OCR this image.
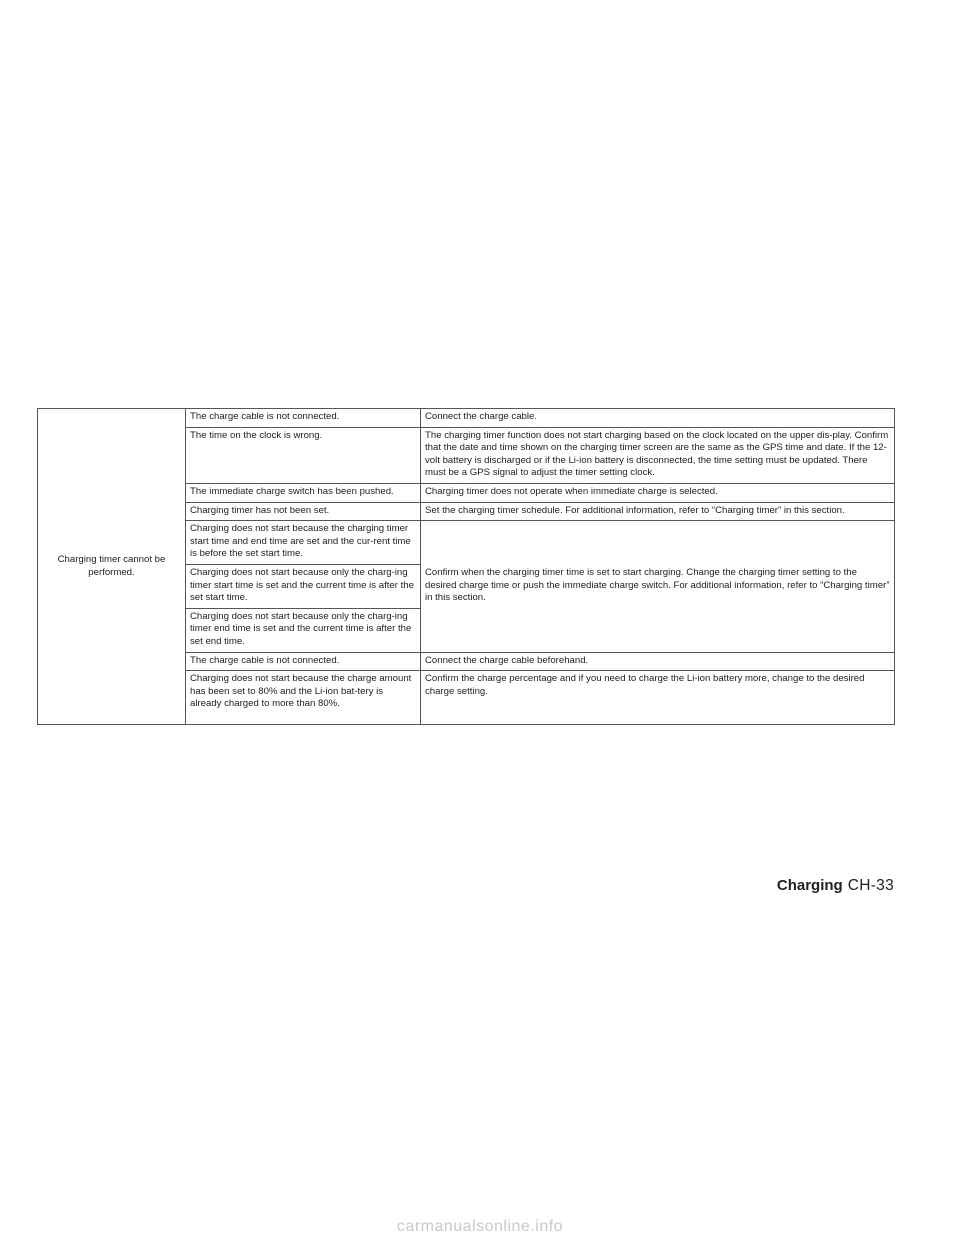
Charging timer cannot be performed.	The charge cable is not connected.	Connect the charge cable.
	The time on the clock is wrong.	The charging timer function does not start charging based on the clock located on the upper dis-play. Confirm that the date and time shown on the charging timer screen are the same as the GPS time and date. If the 12-volt battery is discharged or if the Li-ion battery is disconnected, the time setting must be updated. There must be a GPS signal to adjust the timer setting clock.
	The immediate charge switch has been pushed.	Charging timer does not operate when immediate charge is selected.
	Charging timer has not been set.	Set the charging timer schedule. For additional information, refer to “Charging timer” in this section.
	Charging does not start because the charging timer start time and end time are set and the cur-rent time is before the set start time.	Confirm when the charging timer time is set to start charging. Change the charging timer setting to the desired charge time or push the immediate charge switch. For additional information, refer to “Charging timer” in this section.
	Charging does not start because only the charg-ing timer start time is set and the current time is after the set start time.	
	Charging does not start because only the charg-ing timer end time is set and the current time is after the set end time.	
	The charge cable is not connected.	Connect the charge cable beforehand.
	Charging does not start because the charge amount has been set to 80% and the Li-ion bat-tery is already charged to more than 80%.	Confirm the charge percentage and if you need to charge the Li-ion battery more, change to the desired charge setting.
Charging CH-33
carmanualsonline.info
